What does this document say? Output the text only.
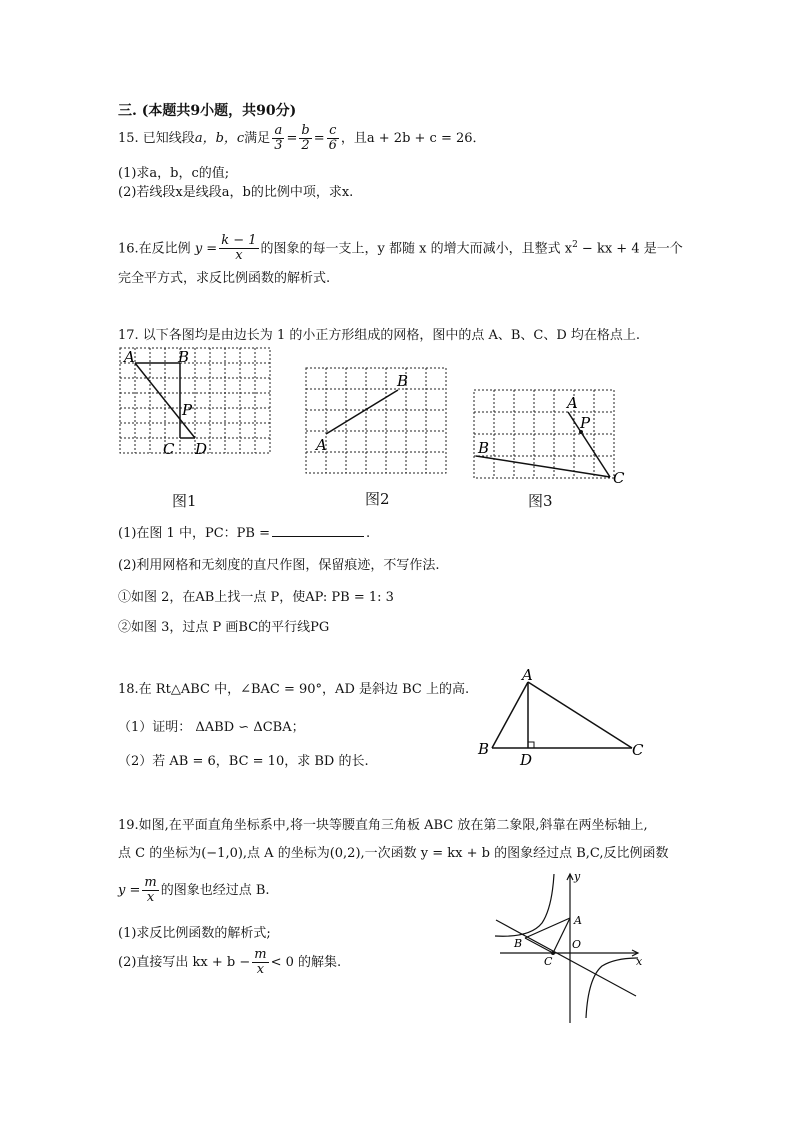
三. (本题共9小题，共90分)
15. 已知线段a，b，c满足 $\frac{a}{3} = \frac{b}{2} = \frac{c}{6}$ ，且a + 2b + c = 26．
(1)求a，b，c的值;
(2)若线段x是线段a，b的比例中项，求x.
16.在反比例 $y = \frac{k - 1}{x}$ 的图象的每一支上，y 都随 x 的增大而减小，且整式 $x^2$ − kx + 4 是一个
完全平方式，求反比例函数的解析式.
17. 以下各图均是由边长为 1 的小正方形组成的网格，图中的点 A、B、C、D 均在格点上.
A	B
P
C D
图1
A
B
图2
A
P
B
C
图3
(1)在图 1 中，PC：PB =	.
(2)利用网格和无刻度的直尺作图，保留痕迹，不写作法.
①如图 2，在AB上找一点 P，使AP: PB = 1: 3
②如图 3，过点 P 画BC的平行线PG
18.在 Rt△ABC 中，∠BAC = 90°，AD 是斜边 BC 上的高.
（1）证明： ΔABD ∽ ΔCBA；
（2）若 AB = 6，BC = 10，求 BD 的长.
A
B	C
D
19.如图,在平面直角坐标系中,将一块等腰直角三角板 ABC 放在第二象限,斜靠在两坐标轴上,
点 C 的坐标为(−1,0),点 A 的坐标为(0,2),一次函数 y = kx + b 的图象经过点 B,C,反比例函数
$y = \frac{m}{x}$ 的图象也经过点 B.
(1)求反比例函数的解析式;
(2)直接写出 kx + $b - \frac{m}{x} < 0$ 的解集.
y
x
A
B
C
O
